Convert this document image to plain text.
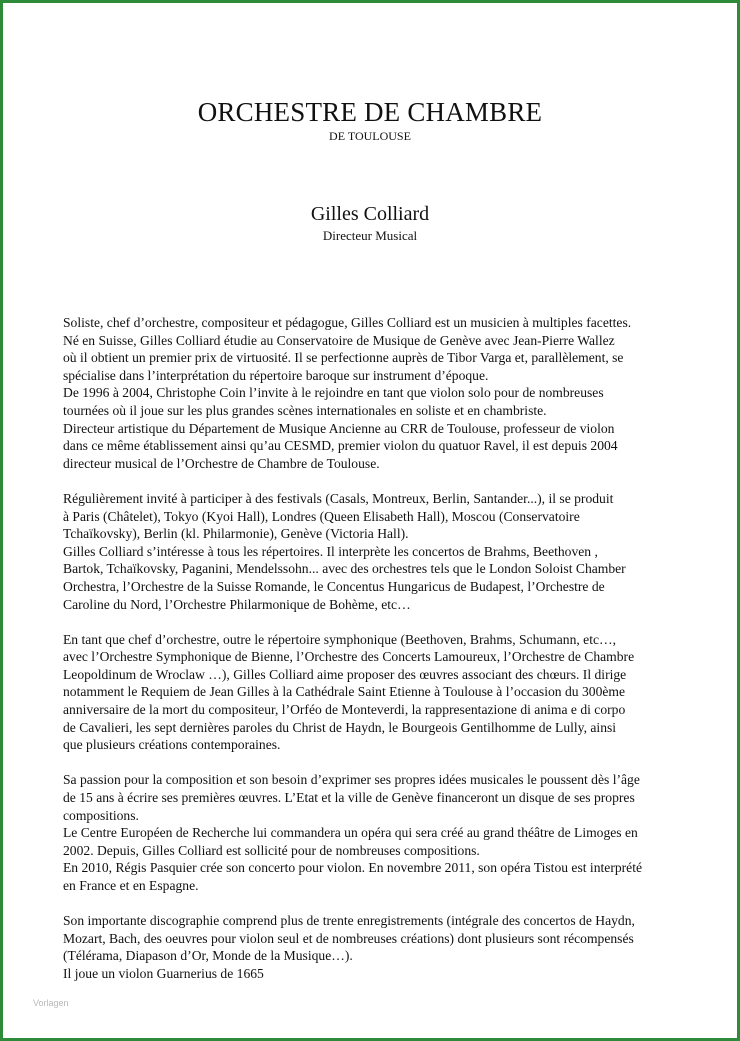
ORCHESTRE DE CHAMBRE
DE TOULOUSE
Gilles Colliard
Directeur Musical

Soliste, chef d’orchestre, compositeur et pédagogue, Gilles Colliard est un musicien à multiples facettes.
Né en Suisse, Gilles Colliard étudie au Conservatoire de Musique de Genève avec Jean-Pierre Wallez
où il obtient un premier prix de virtuosité. Il se perfectionne auprès de Tibor Varga et, parallèlement, se
spécialise dans l’interprétation du répertoire baroque sur instrument d’époque.
De 1996 à 2004, Christophe Coin l’invite à le rejoindre en tant que violon solo pour de nombreuses
tournées où il joue sur les plus grandes scènes internationales en soliste et en chambriste.
Directeur artistique du Département de Musique Ancienne au CRR de Toulouse, professeur de violon
dans ce même établissement ainsi qu’au CESMD, premier violon du quatuor Ravel, il est depuis 2004
directeur musical de l’Orchestre de Chambre de Toulouse.

Régulièrement invité à participer à des festivals (Casals, Montreux, Berlin, Santander...), il se produit
à Paris (Châtelet), Tokyo (Kyoi Hall), Londres (Queen Elisabeth Hall), Moscou (Conservatoire
Tchaïkovsky), Berlin (kl. Philarmonie), Genève (Victoria Hall).
Gilles Colliard s’intéresse à tous les répertoires. Il interprète les concertos de Brahms, Beethoven ,
Bartok, Tchaïkovsky, Paganini, Mendelssohn... avec des orchestres tels que le London Soloist Chamber
Orchestra, l’Orchestre de la Suisse Romande, le Concentus Hungaricus de Budapest, l’Orchestre de
Caroline du Nord, l’Orchestre Philarmonique de Bohème, etc…

En tant que chef d’orchestre, outre le répertoire symphonique (Beethoven, Brahms, Schumann, etc…,
avec l’Orchestre Symphonique de Bienne, l’Orchestre des Concerts Lamoureux, l’Orchestre de Chambre
Leopoldinum de Wroclaw …), Gilles Colliard aime proposer des œuvres associant des chœurs. Il dirige
notamment le Requiem de Jean Gilles à la Cathédrale Saint Etienne à Toulouse à l’occasion du 300ème
anniversaire de la mort du compositeur, l’Orféo de Monteverdi, la rappresentazione di anima e di corpo
de Cavalieri, les sept dernières paroles du Christ de Haydn, le Bourgeois Gentilhomme de Lully, ainsi
que plusieurs créations contemporaines.

Sa passion pour la composition et son besoin d’exprimer ses propres idées musicales le poussent dès l’âge
de 15 ans à écrire ses premières œuvres. L’Etat et la ville de Genève financeront un disque de ses propres
compositions.
Le Centre Européen de Recherche lui commandera un opéra qui sera créé au grand théâtre de Limoges en
2002. Depuis, Gilles Colliard est sollicité pour de nombreuses compositions.
En 2010, Régis Pasquier crée son concerto pour violon. En novembre 2011, son opéra Tistou est interprété
en France et en Espagne.

Son importante discographie comprend plus de trente enregistrements (intégrale des concertos de Haydn,
Mozart, Bach, des oeuvres pour violon seul et de nombreuses créations) dont plusieurs sont récompensés
(Télérama, Diapason d’Or, Monde de la Musique…).
Il joue un violon Guarnerius de 1665

Vorlagen
